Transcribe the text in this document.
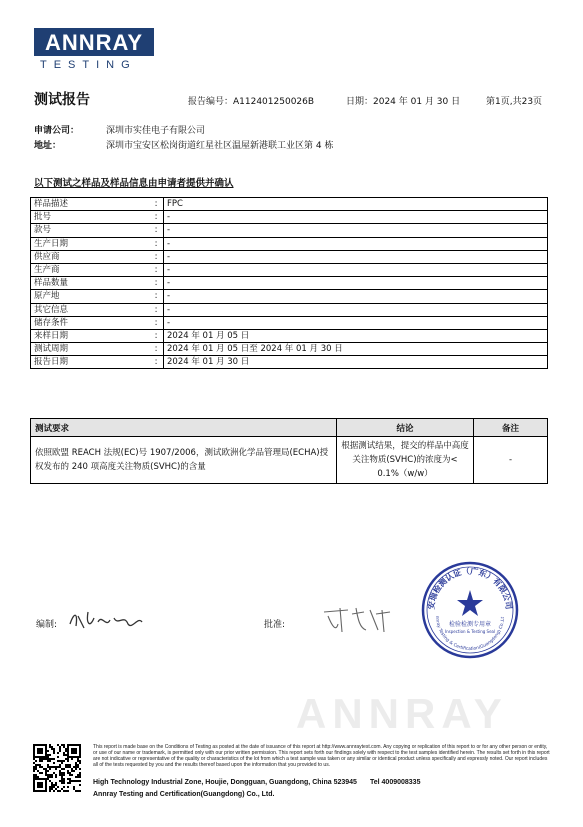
ANNRAY
TESTING
测试报告	报告编号：A112401250026B	日期：2024 年 01 月 30 日	第1页,共23页
申请公司：	深圳市实佳电子有限公司
地址：	深圳市宝安区松岗街道红星社区温屋新港联工业区第 4 栋
以下测试之样品及样品信息由申请者提供并确认
样品描述	:	FPC
批号	:	-
款号	:	-
生产日期	:	-
供应商	:	-
生产商	:	-
样品数量	:	-
原产地	:	-
其它信息	:	-
储存条件	:	-
来样日期	:	2024 年 01 月 05 日
测试周期	:	2024 年 01 月 05 日至 2024 年 01 月 30 日
报告日期	:	2024 年 01 月 30 日
测试要求	结论	备注
依照欧盟 REACH 法规(EC)号 1907/2006，测试欧洲化学品管理局(ECHA)授权发布的 240 项高度关注物质(SVHC)的含量	根据测试结果，提交的样品中高度关注物质(SVHC)的浓度为< 0.1%（w/w）	-
编制:	批准:
安瑞检测认证（广东）有限公司
nnray Testing & Certification(Guangdong) Co.,Lt
检验检测专用章
Inspection & Testing Seal
ANNRAY
This report is made base on the Conditions of Testing as posted at the date of issuance of this report at http://www.annraytest.com. Any copying or replication of this report to or for any other person or entity, or use of our name or trademark, is permitted only with our prior written permission. This report sets forth our findings solely with respect to the test samples identified herein. The results set forth in this report are not indicative or representative of the quality or characteristics of the lot from which a test sample was taken or any similar or identical product unless specifically and expressly noted. Our report includes all of the tests requested by you and the results thereof based upon the information that you provided to us.
High Technology Industrial Zone, Houjie, Dongguan, Guangdong, China 523945 Tel 4009008335
Annray Testing and Certification(Guangdong) Co., Ltd.
